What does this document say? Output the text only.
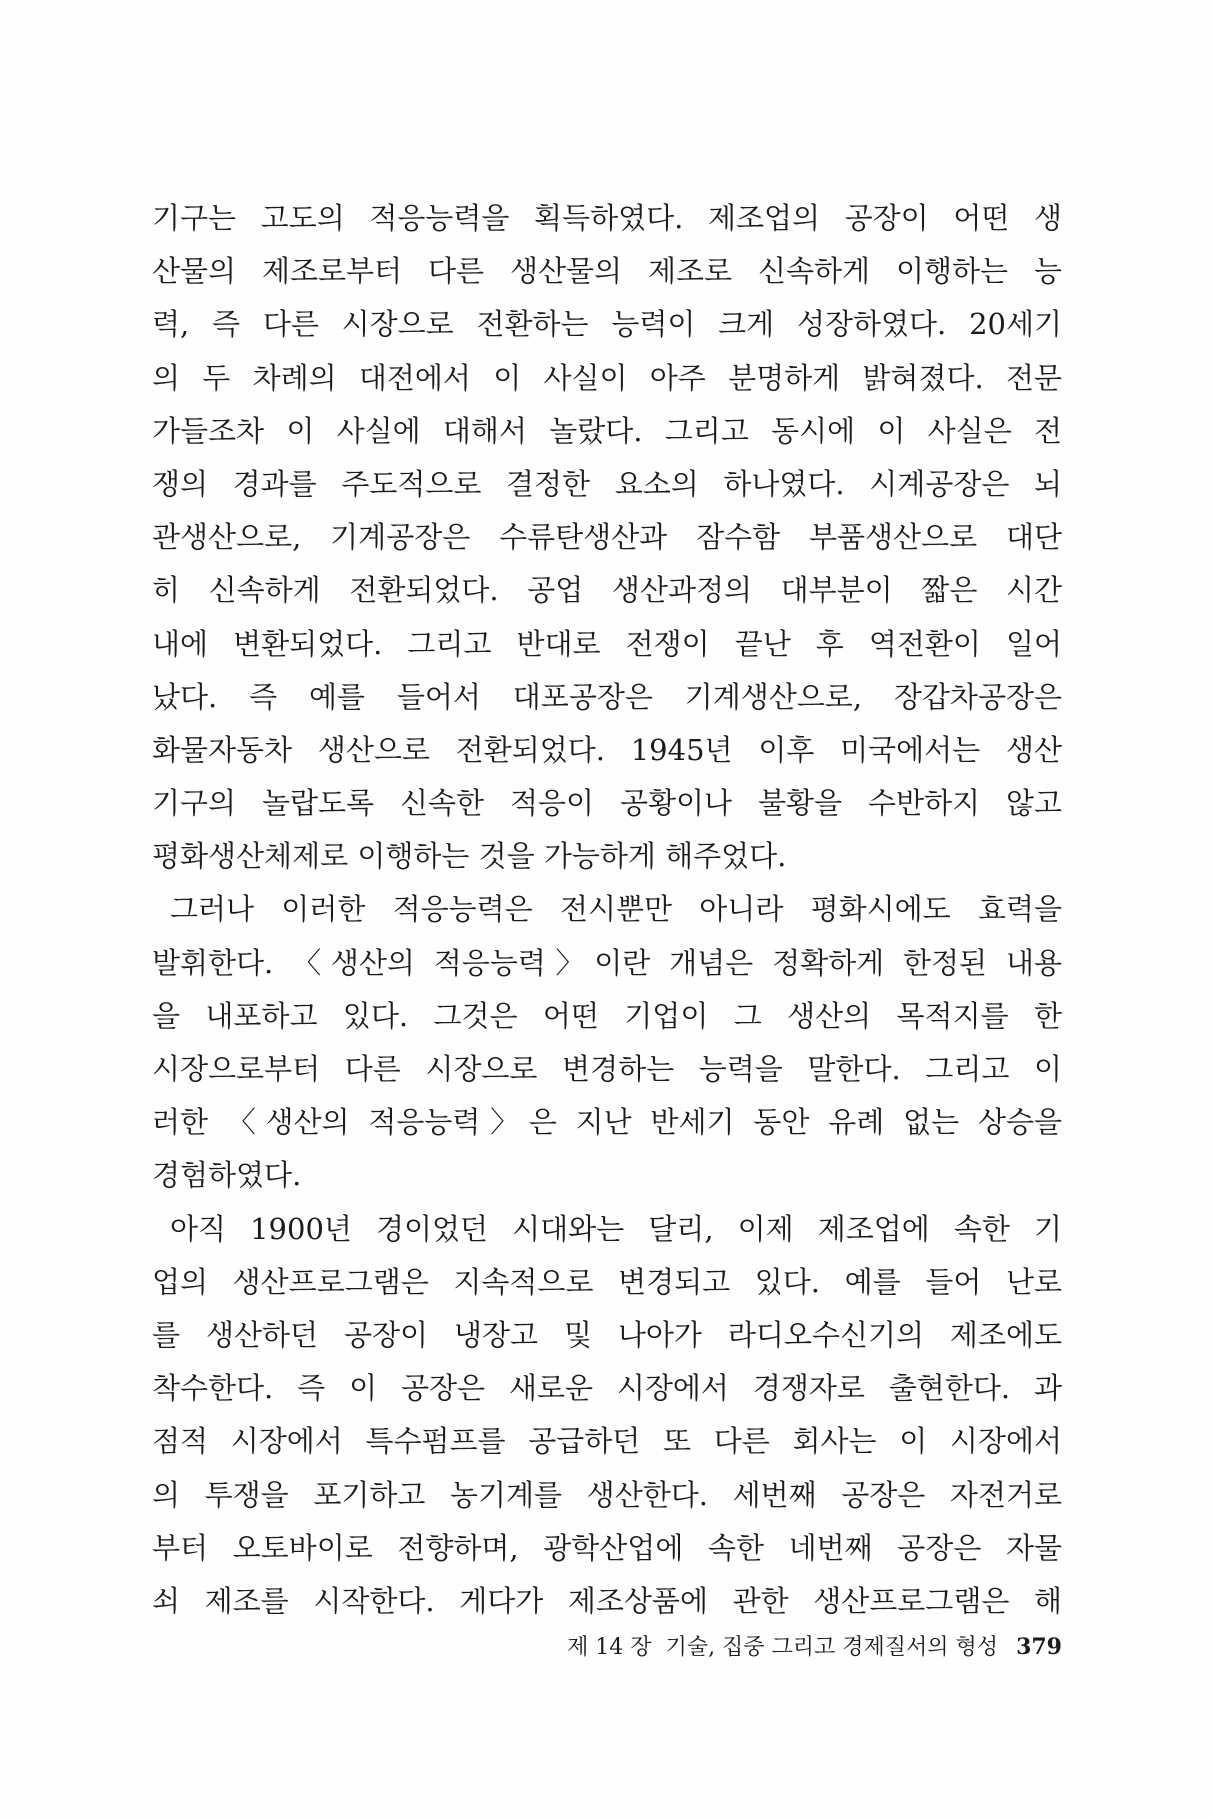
기구는 고도의 적응능력을 획득하였다. 제조업의 공장이 어떤 생
산물의 제조로부터 다른 생산물의 제조로 신속하게 이행하는 능
력, 즉 다른 시장으로 전환하는 능력이 크게 성장하였다. 20세기
의 두 차례의 대전에서 이 사실이 아주 분명하게 밝혀졌다. 전문
가들조차 이 사실에 대해서 놀랐다. 그리고 동시에 이 사실은 전
쟁의 경과를 주도적으로 결정한 요소의 하나였다. 시계공장은 뇌
관생산으로, 기계공장은 수류탄생산과 잠수함 부품생산으로 대단
히 신속하게 전환되었다. 공업 생산과정의 대부분이 짧은 시간
내에 변환되었다. 그리고 반대로 전쟁이 끝난 후 역전환이 일어
났다. 즉 예를 들어서 대포공장은 기계생산으로, 장갑차공장은
화물자동차 생산으로 전환되었다. 1945년 이후 미국에서는 생산
기구의 놀랍도록 신속한 적응이 공황이나 불황을 수반하지 않고
평화생산체제로 이행하는 것을 가능하게 해주었다.
그러나 이러한 적응능력은 전시뿐만 아니라 평화시에도 효력을
발휘한다. 〈생산의 적응능력〉이란 개념은 정확하게 한정된 내용
을 내포하고 있다. 그것은 어떤 기업이 그 생산의 목적지를 한
시장으로부터 다른 시장으로 변경하는 능력을 말한다. 그리고 이
러한 〈생산의 적응능력〉은 지난 반세기 동안 유례 없는 상승을
경험하였다.
아직 1900년 경이었던 시대와는 달리, 이제 제조업에 속한 기
업의 생산프로그램은 지속적으로 변경되고 있다. 예를 들어 난로
를 생산하던 공장이 냉장고 및 나아가 라디오수신기의 제조에도
착수한다. 즉 이 공장은 새로운 시장에서 경쟁자로 출현한다. 과
점적 시장에서 특수펌프를 공급하던 또 다른 회사는 이 시장에서
의 투쟁을 포기하고 농기계를 생산한다. 세번째 공장은 자전거로
부터 오토바이로 전향하며, 광학산업에 속한 네번째 공장은 자물
쇠 제조를 시작한다. 게다가 제조상품에 관한 생산프로그램은 해
제 14 장 기술, 집중 그리고 경제질서의 형성 379
